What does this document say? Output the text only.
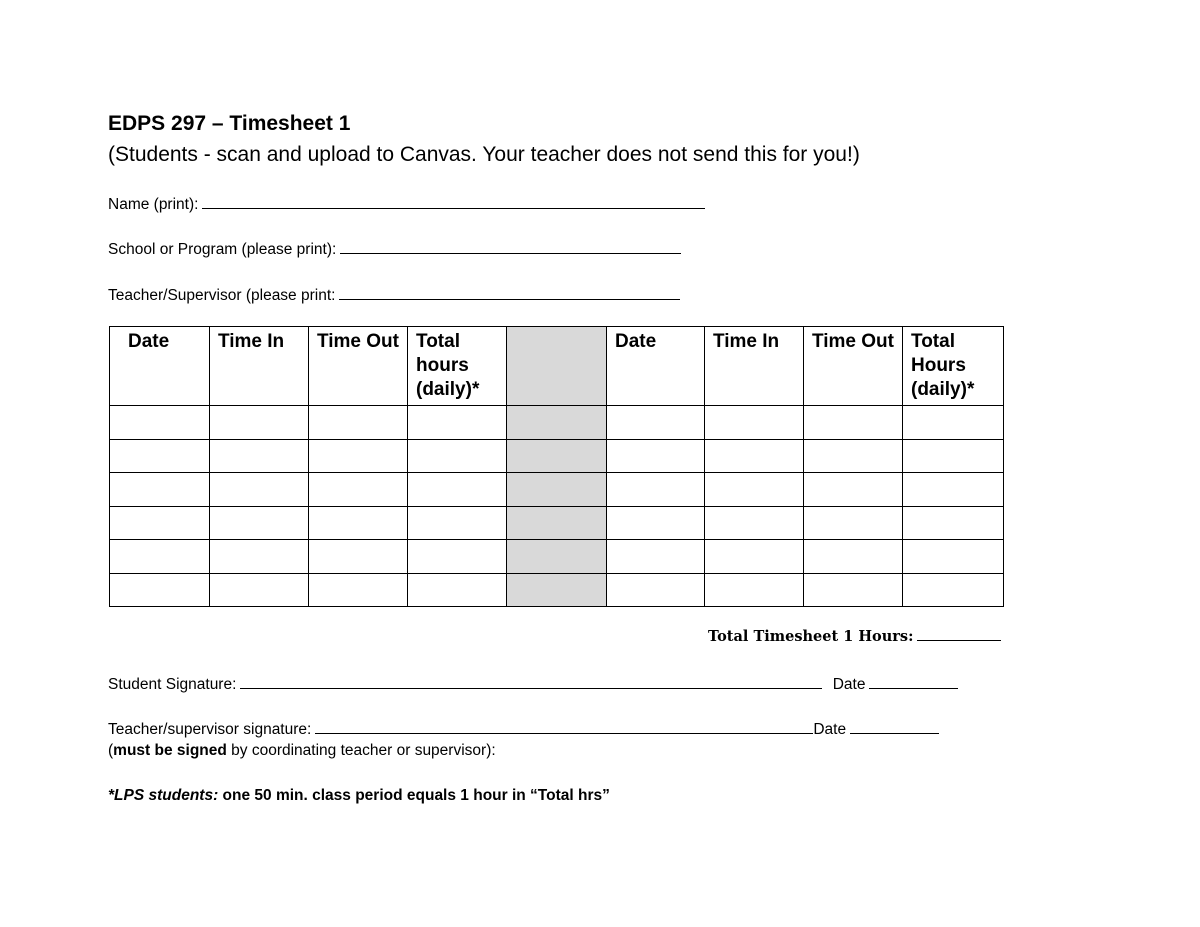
EDPS 297 – Timesheet 1
(Students - scan and upload to Canvas. Your teacher does not send this for you!)
Name (print):
School or Program (please print):
Teacher/Supervisor (please print:
Date	Time In	Time Out	Total hours (daily)*		Date	Time In	Time Out	Total Hours (daily)*

Total Timesheet 1 Hours:
Student Signature:	Date
Teacher/supervisor signature:	Date
(must be signed by coordinating teacher or supervisor):
*LPS students: one 50 min. class period equals 1 hour in “Total hrs”
